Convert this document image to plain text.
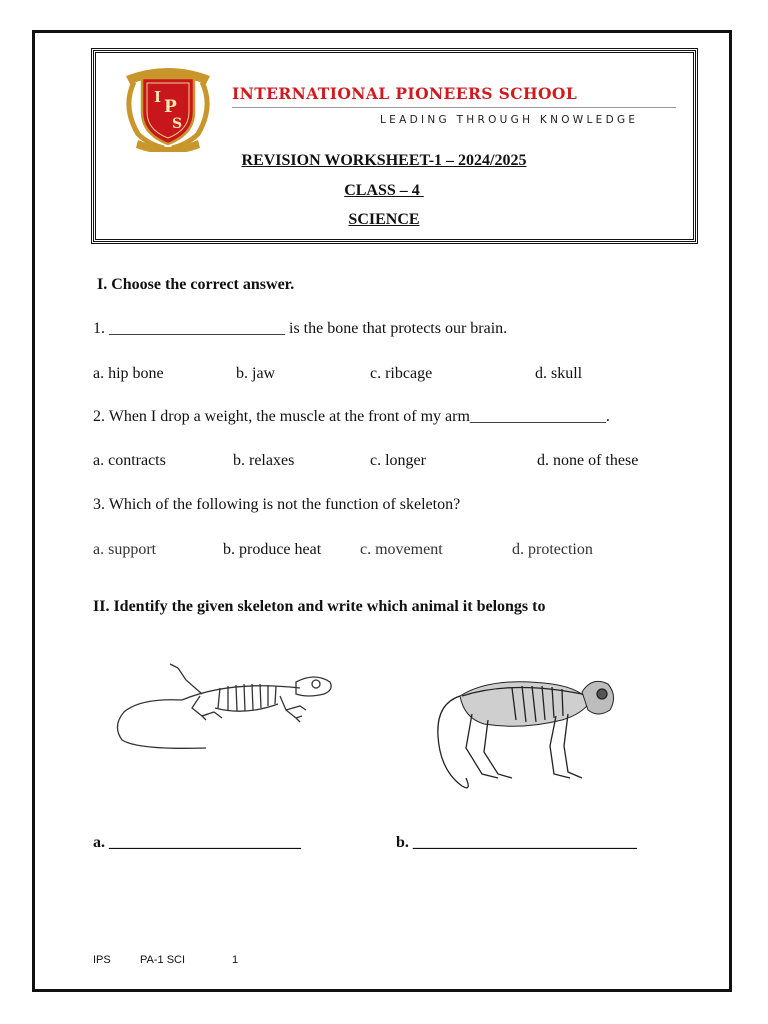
I P
S
INTERNATIONAL PIONEERS SCHOOL
LEADING THROUGH KNOWLEDGE
REVISION WORKSHEET-1 – 2024/2025
CLASS – 4
SCIENCE
I. Choose the correct answer.
1. ______________________ is the bone that protects our brain.
a. hip bone	b. jaw	c. ribcage	d. skull
2. When I drop a weight, the muscle at the front of my arm_________________.
a. contracts	b. relaxes	c. longer	d. none of these
3. Which of the following is not the function of skeleton?
a. support	b. produce heat c. movement	d. protection
II. Identify the given skeleton and write which animal it belongs to
a. ________________________	b. ____________________________
IPS	PA-1 SCI	1
